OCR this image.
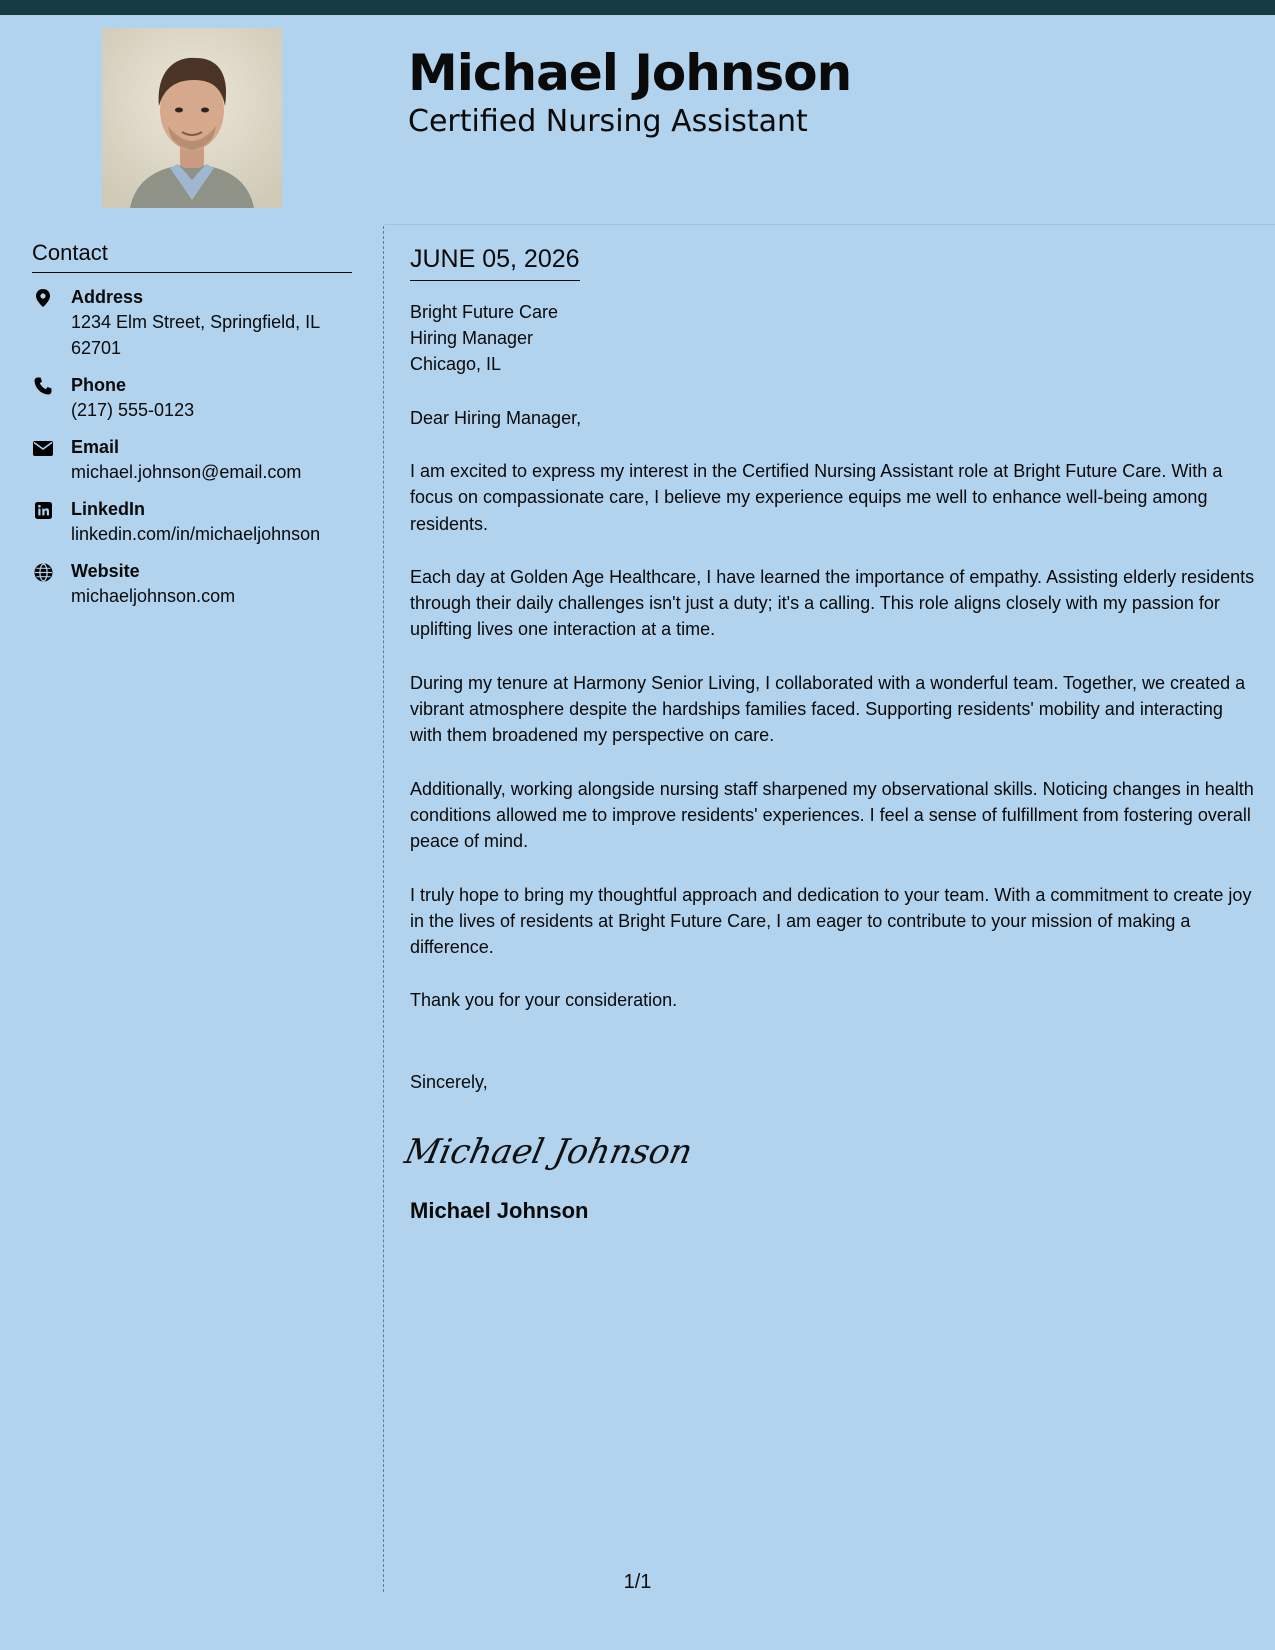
Michael Johnson
Certified Nursing Assistant
Contact
Address
1234 Elm Street, Springfield, IL 62701
Phone
(217) 555-0123
Email
michael.johnson@email.com
LinkedIn
linkedin.com/in/michaeljohnson
Website
michaeljohnson.com
JUNE 05, 2026
Bright Future Care
Hiring Manager
Chicago, IL
Dear Hiring Manager,

I am excited to express my interest in the Certified Nursing Assistant role at Bright Future Care. With a focus on compassionate care, I believe my experience equips me well to enhance well-being among residents.

Each day at Golden Age Healthcare, I have learned the importance of empathy. Assisting elderly residents through their daily challenges isn't just a duty; it's a calling. This role aligns closely with my passion for uplifting lives one interaction at a time.

During my tenure at Harmony Senior Living, I collaborated with a wonderful team. Together, we created a vibrant atmosphere despite the hardships families faced. Supporting residents' mobility and interacting with them broadened my perspective on care.

Additionally, working alongside nursing staff sharpened my observational skills. Noticing changes in health conditions allowed me to improve residents' experiences. I feel a sense of fulfillment from fostering overall peace of mind.

I truly hope to bring my thoughtful approach and dedication to your team. With a commitment to create joy in the lives of residents at Bright Future Care, I am eager to contribute to your mission of making a difference.

Thank you for your consideration.

Sincerely,
Michael Johnson
Michael Johnson
1/1
